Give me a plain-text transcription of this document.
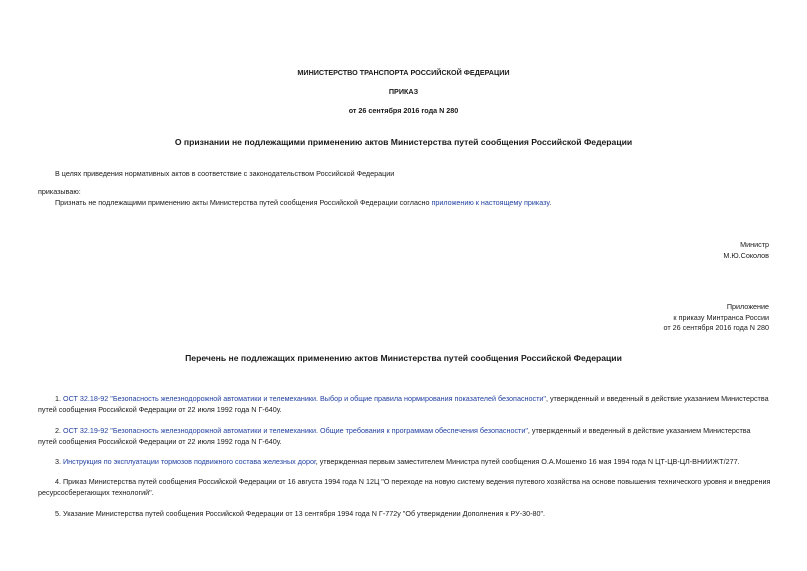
МИНИСТЕРСТВО ТРАНСПОРТА РОССИЙСКОЙ ФЕДЕРАЦИИ
ПРИКАЗ
от 26 сентября 2016 года N 280
О признании не подлежащими применению актов Министерства путей сообщения Российской Федерации
В целях приведения нормативных актов в соответствие с законодательством Российской Федерации
приказываю:
Признать не подлежащими применению акты Министерства путей сообщения Российской Федерации согласно приложению к настоящему приказу.
Министр
М.Ю.Соколов
Приложение
к приказу Минтранса России
от 26 сентября 2016 года N 280
Перечень не подлежащих применению актов Министерства путей сообщения Российской Федерации
1. ОСТ 32.18-92 "Безопасность железнодорожной автоматики и телемеханики. Выбор и общие правила нормирования показателей безопасности", утвержденный и введенный в действие указанием Министерства путей сообщения Российской Федерации от 22 июля 1992 года N Г-640у.
2. ОСТ 32.19-92 "Безопасность железнодорожной автоматики и телемеханики. Общие требования к программам обеспечения безопасности", утвержденный и введенный в действие указанием Министерства путей сообщения Российской Федерации от 22 июля 1992 года N Г-640у.
3. Инструкция по эксплуатации тормозов подвижного состава железных дорог, утвержденная первым заместителем Министра путей сообщения О.А.Мошенко 16 мая 1994 года N ЦТ-ЦВ-ЦЛ-ВНИИЖТ/277.
4. Приказ Министерства путей сообщения Российской Федерации от 16 августа 1994 года N 12Ц "О переходе на новую систему ведения путевого хозяйства на основе повышения технического уровня и внедрения ресурсосберегающих технологий".
5. Указание Министерства путей сообщения Российской Федерации от 13 сентября 1994 года N Г-772у "Об утверждении Дополнения к РУ-30-80".
